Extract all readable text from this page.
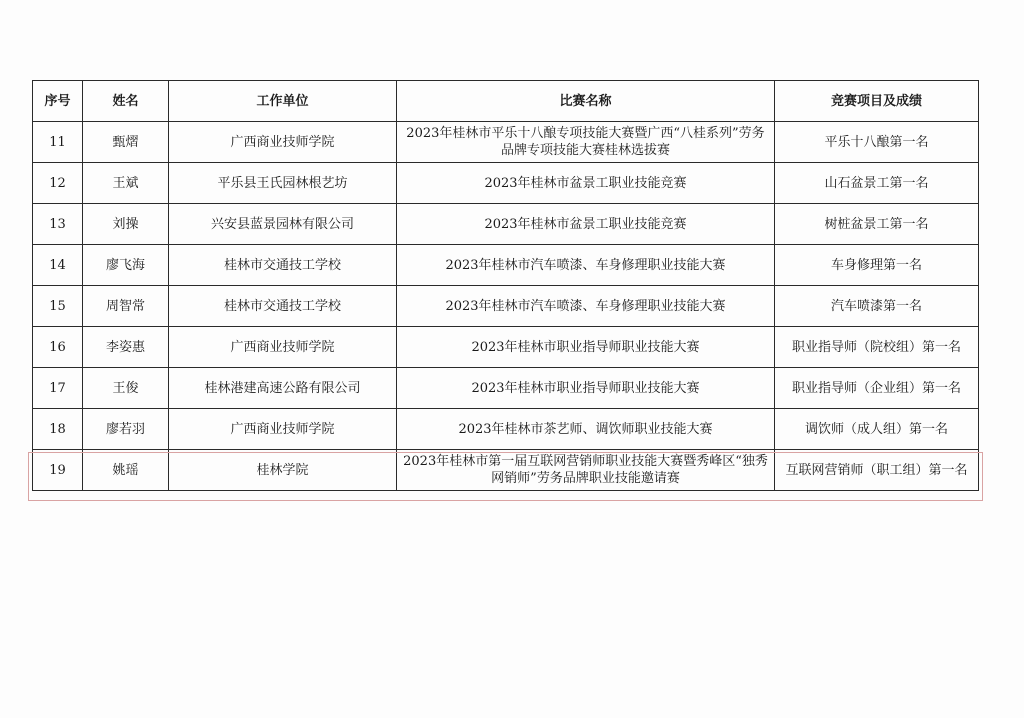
序号	姓名	工作单位	比赛名称	竞赛项目及成绩
11	甄熠	广西商业技师学院	2023年桂林市平乐十八酿专项技能大赛暨广西“八桂系列”劳务品牌专项技能大赛桂林选拔赛	平乐十八酿第一名
12	王斌	平乐县王氏园林根艺坊	2023年桂林市盆景工职业技能竞赛	山石盆景工第一名
13	刘操	兴安县蓝景园林有限公司	2023年桂林市盆景工职业技能竞赛	树桩盆景工第一名
14	廖飞海	桂林市交通技工学校	2023年桂林市汽车喷漆、车身修理职业技能大赛	车身修理第一名
15	周智常	桂林市交通技工学校	2023年桂林市汽车喷漆、车身修理职业技能大赛	汽车喷漆第一名
16	李姿惠	广西商业技师学院	2023年桂林市职业指导师职业技能大赛	职业指导师（院校组）第一名
17	王俊	桂林港建高速公路有限公司	2023年桂林市职业指导师职业技能大赛	职业指导师（企业组）第一名
18	廖若羽	广西商业技师学院	2023年桂林市茶艺师、调饮师职业技能大赛	调饮师（成人组）第一名
19	姚瑶	桂林学院	2023年桂林市第一届互联网营销师职业技能大赛暨秀峰区“独秀网销师”劳务品牌职业技能邀请赛	互联网营销师（职工组）第一名
